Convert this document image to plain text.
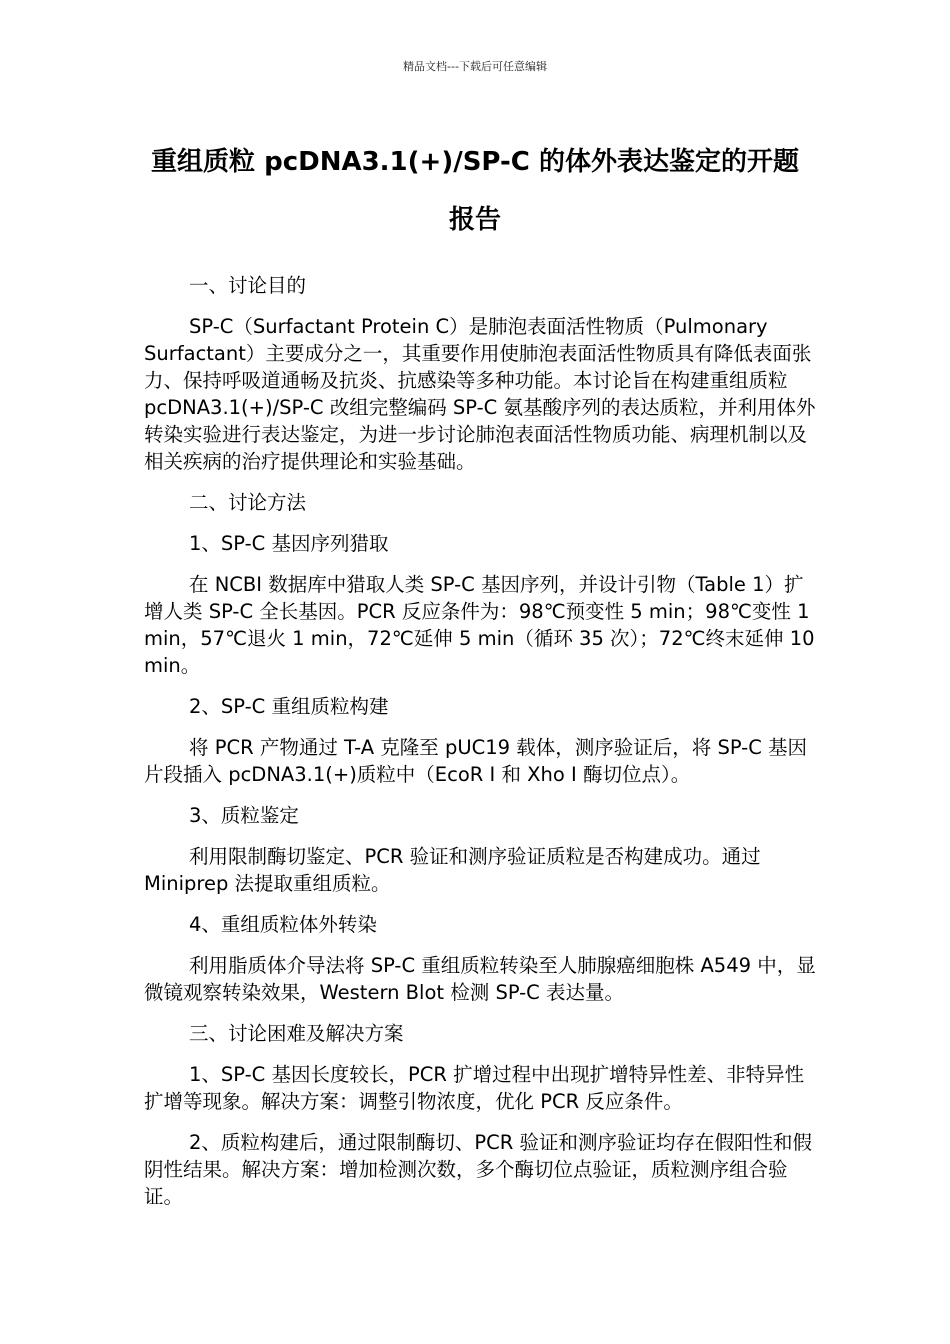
精品文档---下载后可任意编辑
重组质粒 pcDNA3.1(+)/SP-C 的体外表达鉴定的开题报告

一、讨论目的

SP-C（Surfactant Protein C）是肺泡表面活性物质（Pulmonary Surfactant）主要成分之一，其重要作用使肺泡表面活性物质具有降低表面张力、保持呼吸道通畅及抗炎、抗感染等多种功能。本讨论旨在构建重组质粒 pcDNA3.1(+)/SP-C 改组完整编码 SP-C 氨基酸序列的表达质粒，并利用体外转染实验进行表达鉴定，为进一步讨论肺泡表面活性物质功能、病理机制以及相关疾病的治疗提供理论和实验基础。

二、讨论方法

1、SP-C 基因序列猎取

在 NCBI 数据库中猎取人类 SP-C 基因序列，并设计引物（Table 1）扩增人类 SP-C 全长基因。PCR 反应条件为：98℃预变性 5 min；98℃变性 1 min，57℃退火 1 min，72℃延伸 5 min（循环 35 次）；72℃终末延伸 10 min。

2、SP-C 重组质粒构建

将 PCR 产物通过 T-A 克隆至 pUC19 载体，测序验证后，将 SP-C 基因片段插入 pcDNA3.1(+)质粒中（EcoR I 和 Xho I 酶切位点）。

3、质粒鉴定

利用限制酶切鉴定、PCR 验证和测序验证质粒是否构建成功。通过 Miniprep 法提取重组质粒。

4、重组质粒体外转染

利用脂质体介导法将 SP-C 重组质粒转染至人肺腺癌细胞株 A549 中，显微镜观察转染效果，Western Blot 检测 SP-C 表达量。

三、讨论困难及解决方案

1、SP-C 基因长度较长，PCR 扩增过程中出现扩增特异性差、非特异性扩增等现象。解决方案：调整引物浓度，优化 PCR 反应条件。

2、质粒构建后，通过限制酶切、PCR 验证和测序验证均存在假阳性和假阴性结果。解决方案：增加检测次数，多个酶切位点验证，质粒测序组合验证。
